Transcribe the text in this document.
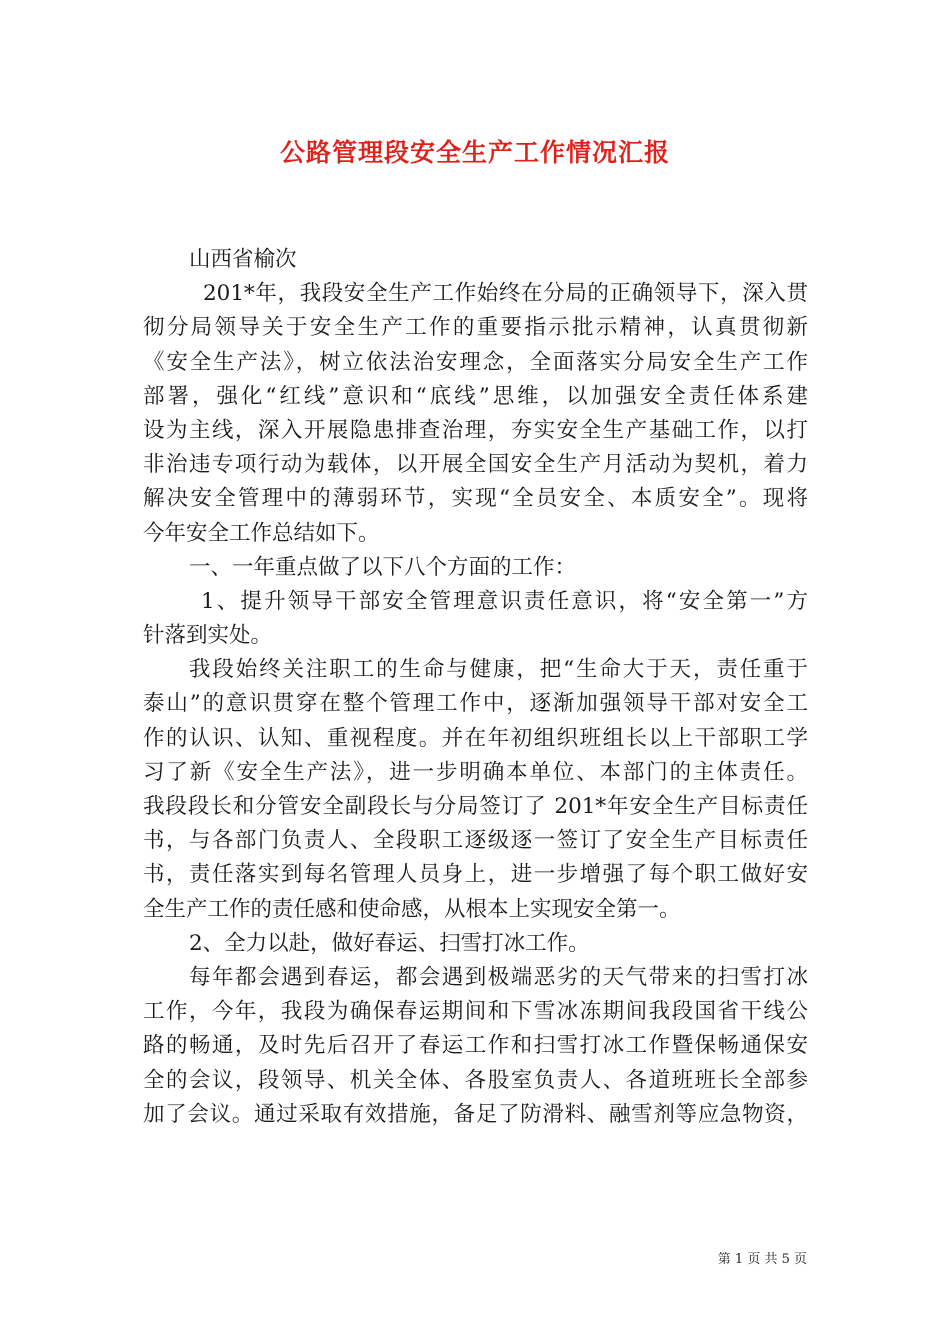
公路管理段安全生产工作情况汇报
山西省榆次
201*年，我段安全生产工作始终在分局的正确领导下，深入贯
彻分局领导关于安全生产工作的重要指示批示精神，认真贯彻新
《安全生产法》，树立依法治安理念，全面落实分局安全生产工作
部署，强化“红线”意识和“底线”思维，以加强安全责任体系建
设为主线，深入开展隐患排查治理，夯实安全生产基础工作，以打
非治违专项行动为载体，以开展全国安全生产月活动为契机，着力
解决安全管理中的薄弱环节，实现“全员安全、本质安全”。现将
今年安全工作总结如下。
一、一年重点做了以下八个方面的工作：
1、提升领导干部安全管理意识责任意识，将“安全第一”方
针落到实处。
我段始终关注职工的生命与健康，把“生命大于天，责任重于
泰山”的意识贯穿在整个管理工作中，逐渐加强领导干部对安全工
作的认识、认知、重视程度。并在年初组织班组长以上干部职工学
习了新《安全生产法》，进一步明确本单位、本部门的主体责任。
我段段长和分管安全副段长与分局签订了 201*年安全生产目标责任
书，与各部门负责人、全段职工逐级逐一签订了安全生产目标责任
书，责任落实到每名管理人员身上，进一步增强了每个职工做好安
全生产工作的责任感和使命感，从根本上实现安全第一。
2、全力以赴，做好春运、扫雪打冰工作。
每年都会遇到春运，都会遇到极端恶劣的天气带来的扫雪打冰
工作，今年，我段为确保春运期间和下雪冰冻期间我段国省干线公
路的畅通，及时先后召开了春运工作和扫雪打冰工作暨保畅通保安
全的会议，段领导、机关全体、各股室负责人、各道班班长全部参
加了会议。通过采取有效措施，备足了防滑料、融雪剂等应急物资，
第 1 页 共 5 页
